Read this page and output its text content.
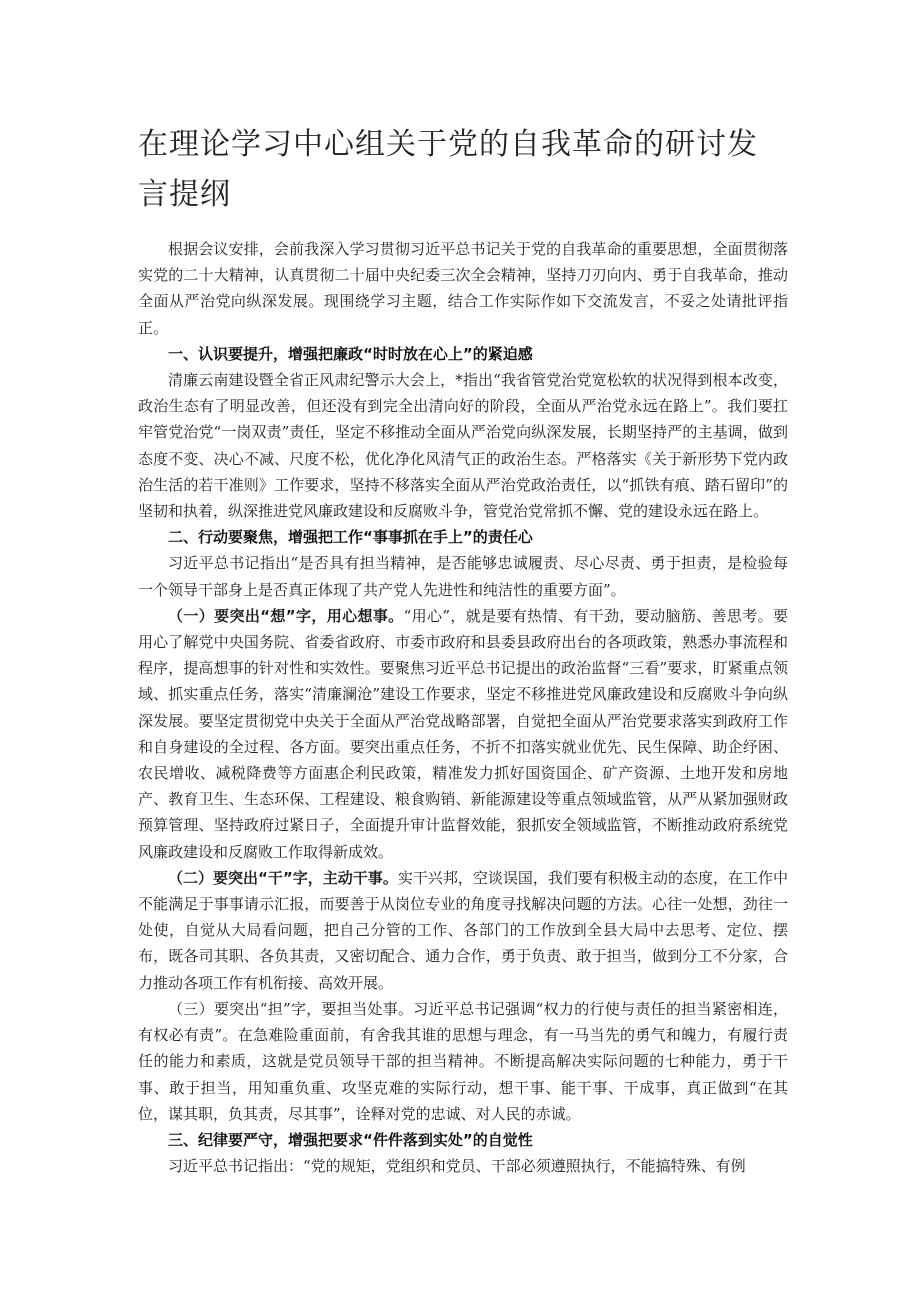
在理论学习中心组关于党的自我革命的研讨发言提纲

根据会议安排，会前我深入学习贯彻习近平总书记关于党的自我革命的重要思想，全面贯彻落实党的二十大精神，认真贯彻二十届中央纪委三次全会精神，坚持刀刃向内、勇于自我革命，推动全面从严治党向纵深发展。现围绕学习主题，结合工作实际作如下交流发言，不妥之处请批评指正。

一、认识要提升，增强把廉政“时时放在心上”的紧迫感

清廉云南建设暨全省正风肃纪警示大会上，*指出“我省管党治党宽松软的状况得到根本改变，政治生态有了明显改善，但还没有到完全出清向好的阶段，全面从严治党永远在路上”。我们要扛牢管党治党“一岗双责”责任，坚定不移推动全面从严治党向纵深发展，长期坚持严的主基调，做到态度不变、决心不减、尺度不松，优化净化风清气正的政治生态。严格落实《关于新形势下党内政治生活的若干准则》工作要求，坚持不移落实全面从严治党政治责任，以“抓铁有痕、踏石留印”的坚韧和执着，纵深推进党风廉政建设和反腐败斗争，管党治党常抓不懈、党的建设永远在路上。

二、行动要聚焦，增强把工作“事事抓在手上”的责任心

习近平总书记指出“是否具有担当精神，是否能够忠诚履责、尽心尽责、勇于担责，是检验每一个领导干部身上是否真正体现了共产党人先进性和纯洁性的重要方面”。

（一）要突出“想”字，用心想事。“用心”，就是要有热情、有干劲，要动脑筋、善思考。要用心了解党中央国务院、省委省政府、市委市政府和县委县政府出台的各项政策，熟悉办事流程和程序，提高想事的针对性和实效性。要聚焦习近平总书记提出的政治监督“三看”要求，盯紧重点领域、抓实重点任务，落实“清廉澜沧”建设工作要求，坚定不移推进党风廉政建设和反腐败斗争向纵深发展。要坚定贯彻党中央关于全面从严治党战略部署，自觉把全面从严治党要求落实到政府工作和自身建设的全过程、各方面。要突出重点任务，不折不扣落实就业优先、民生保障、助企纾困、农民增收、减税降费等方面惠企利民政策，精准发力抓好国资国企、矿产资源、土地开发和房地产、教育卫生、生态环保、工程建设、粮食购销、新能源建设等重点领域监管，从严从紧加强财政预算管理、坚持政府过紧日子，全面提升审计监督效能，狠抓安全领域监管，不断推动政府系统党风廉政建设和反腐败工作取得新成效。

（二）要突出“干”字，主动干事。实干兴邦，空谈误国，我们要有积极主动的态度，在工作中不能满足于事事请示汇报，而要善于从岗位专业的角度寻找解决问题的方法。心往一处想，劲往一处使，自觉从大局看问题，把自己分管的工作、各部门的工作放到全县大局中去思考、定位、摆布，既各司其职、各负其责，又密切配合、通力合作，勇于负责、敢于担当，做到分工不分家，合力推动各项工作有机衔接、高效开展。

（三）要突出“担”字，要担当处事。习近平总书记强调“权力的行使与责任的担当紧密相连，有权必有责”。在急难险重面前，有舍我其谁的思想与理念，有一马当先的勇气和魄力，有履行责任的能力和素质，这就是党员领导干部的担当精神。不断提高解决实际问题的七种能力，勇于干事、敢于担当，用知重负重、攻坚克难的实际行动，想干事、能干事、干成事，真正做到“在其位，谋其职，负其责，尽其事”，诠释对党的忠诚、对人民的赤诚。

三、纪律要严守，增强把要求“件件落到实处”的自觉性

习近平总书记指出：“党的规矩，党组织和党员、干部必须遵照执行，不能搞特殊、有例
